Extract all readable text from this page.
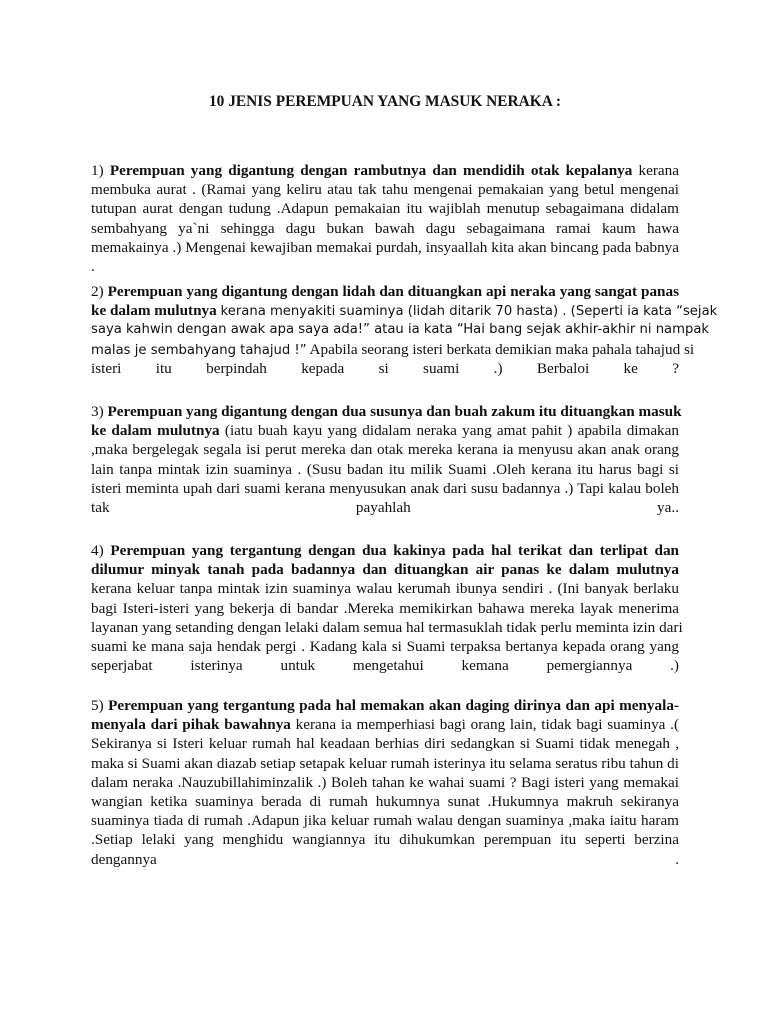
10 JENIS PEREMPUAN YANG MASUK NERAKA :
1) Perempuan yang digantung dengan rambutnya dan mendidih otak kepalanya kerana
membuka aurat . (Ramai yang keliru atau tak tahu mengenai pemakaian yang betul mengenai
tutupan aurat dengan tudung .Adapun pemakaian itu wajiblah menutup sebagaimana didalam
sembahyang ya`ni sehingga dagu bukan bawah dagu sebagaimana ramai kaum hawa
memakainya .) Mengenai kewajiban memakai purdah, insyaallah kita akan bincang pada babnya
.
2) Perempuan yang digantung dengan lidah dan dituangkan api neraka yang sangat panas
ke dalam mulutnya kerana menyakiti suaminya (lidah ditarik 70 hasta) . (Seperti ia kata “sejak
saya kahwin dengan awak apa saya ada!” atau ia kata “Hai bang sejak akhir-akhir ni nampak
malas je sembahyang tahajud !” Apabila seorang isteri berkata demikian maka pahala tahajud si
isteri itu berpindah kepada si suami .) Berbaloi ke ?
3) Perempuan yang digantung dengan dua susunya dan buah zakum itu dituangkan masuk
ke dalam mulutnya (iatu buah kayu yang didalam neraka yang amat pahit ) apabila dimakan
,maka bergelegak segala isi perut mereka dan otak mereka kerana ia menyusu akan anak orang
lain tanpa mintak izin suaminya . (Susu badan itu milik Suami .Oleh kerana itu harus bagi si
isteri meminta upah dari suami kerana menyusukan anak dari susu badannya .) Tapi kalau boleh
tak payahlah ya..
4) Perempuan yang tergantung dengan dua kakinya pada hal terikat dan terlipat dan
dilumur minyak tanah pada badannya dan dituangkan air panas ke dalam mulutnya
kerana keluar tanpa mintak izin suaminya walau kerumah ibunya sendiri . (Ini banyak berlaku
bagi Isteri-isteri yang bekerja di bandar .Mereka memikirkan bahawa mereka layak menerima
layanan yang setanding dengan lelaki dalam semua hal termasuklah tidak perlu meminta izin dari
suami ke mana saja hendak pergi . Kadang kala si Suami terpaksa bertanya kepada orang yang
seperjabat isterinya untuk mengetahui kemana pemergiannya .)
5) Perempuan yang tergantung pada hal memakan akan daging dirinya dan api menyala-
menyala dari pihak bawahnya kerana ia memperhiasi bagi orang lain, tidak bagi suaminya .(
Sekiranya si Isteri keluar rumah hal keadaan berhias diri sedangkan si Suami tidak menegah ,
maka si Suami akan diazab setiap setapak keluar rumah isterinya itu selama seratus ribu tahun di
dalam neraka .Nauzubillahiminzalik .) Boleh tahan ke wahai suami ? Bagi isteri yang memakai
wangian ketika suaminya berada di rumah hukumnya sunat .Hukumnya makruh sekiranya
suaminya tiada di rumah .Adapun jika keluar rumah walau dengan suaminya ,maka iaitu haram
.Setiap lelaki yang menghidu wangiannya itu dihukumkan perempuan itu seperti berzina
dengannya .
